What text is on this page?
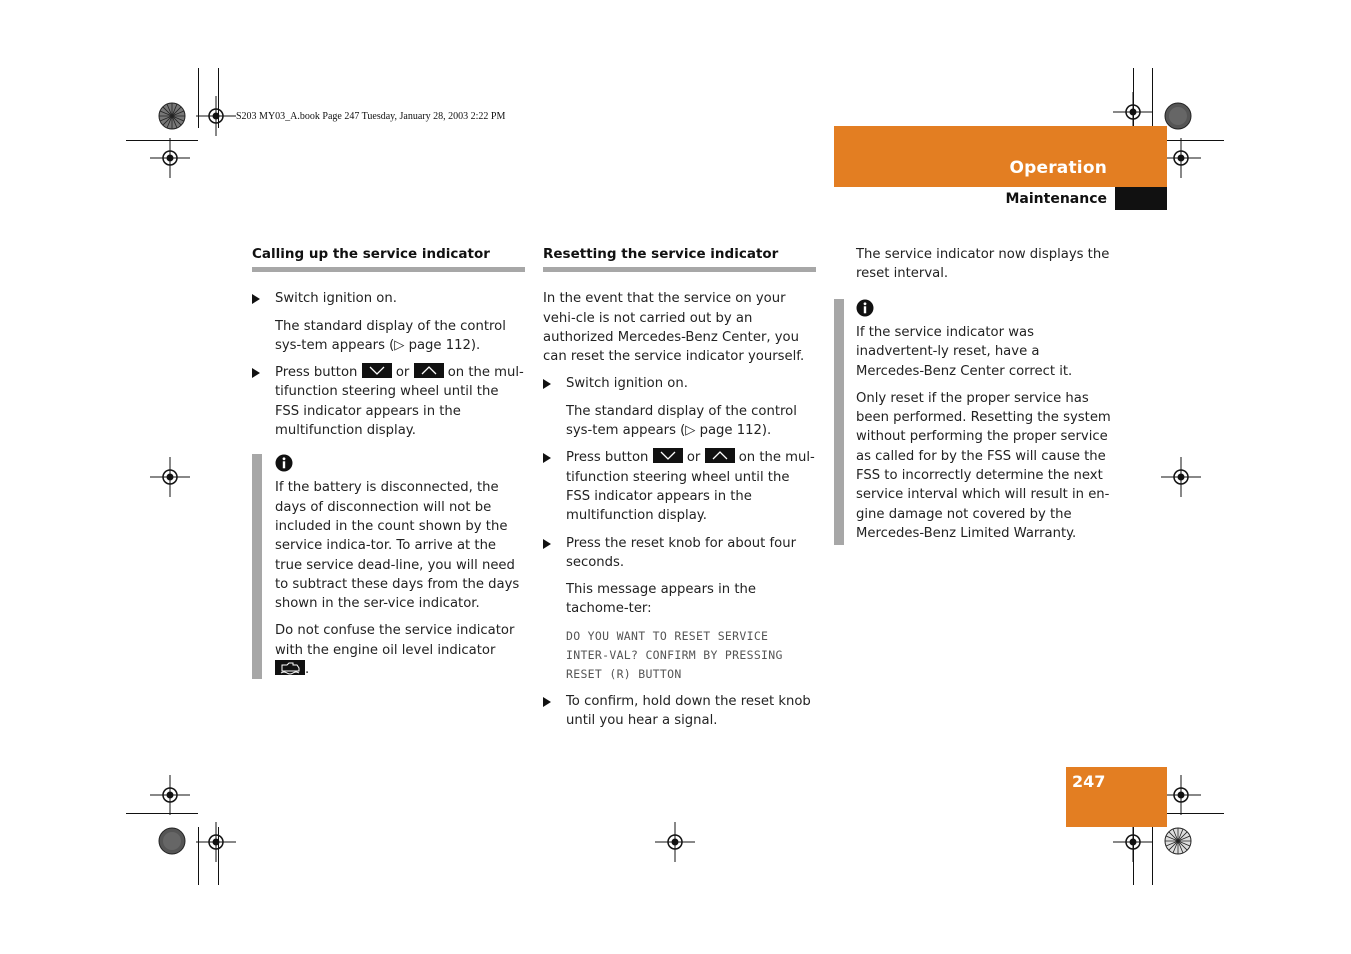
S203 MY03_A.book Page 247 Tuesday, January 28, 2003 2:22 PM
Operation
Maintenance
247
Calling up the service indicator
Switch ignition on.

The standard display of the control sys-tem appears (▷ page 112).

Press button	or	on the mul-tifunction steering wheel until the FSS indicator appears in the multifunction display.

If the battery is disconnected, the days of disconnection will not be included in the count shown by the service indica-tor. To arrive at the true service dead-line, you will need to subtract these days from the days shown in the ser-vice indicator.

Do not confuse the service indicator with the engine oil level indicator
.

Resetting the service indicator

In the event that the service on your vehi-cle is not carried out by an authorized Mercedes-Benz Center, you can reset the service indicator yourself.

Switch ignition on.

The standard display of the control sys-tem appears (▷ page 112).

Press button	or	on the mul-tifunction steering wheel until the FSS indicator appears in the multifunction display.
Press the reset knob for about four seconds.

This message appears in the tachome-ter:

DO YOU WANT TO RESET SERVICE INTER-VAL? CONFIRM BY PRESSING RESET (R) BUTTON

To confirm, hold down the reset knob until you hear a signal.

The service indicator now displays the reset interval.

If the service indicator was inadvertent-ly reset, have a Mercedes-Benz Center correct it.

Only reset if the proper service has been performed. Resetting the system without performing the proper service as called for by the FSS will cause the FSS to incorrectly determine the next service interval which will result in en-gine damage not covered by the Mercedes-Benz Limited Warranty.
